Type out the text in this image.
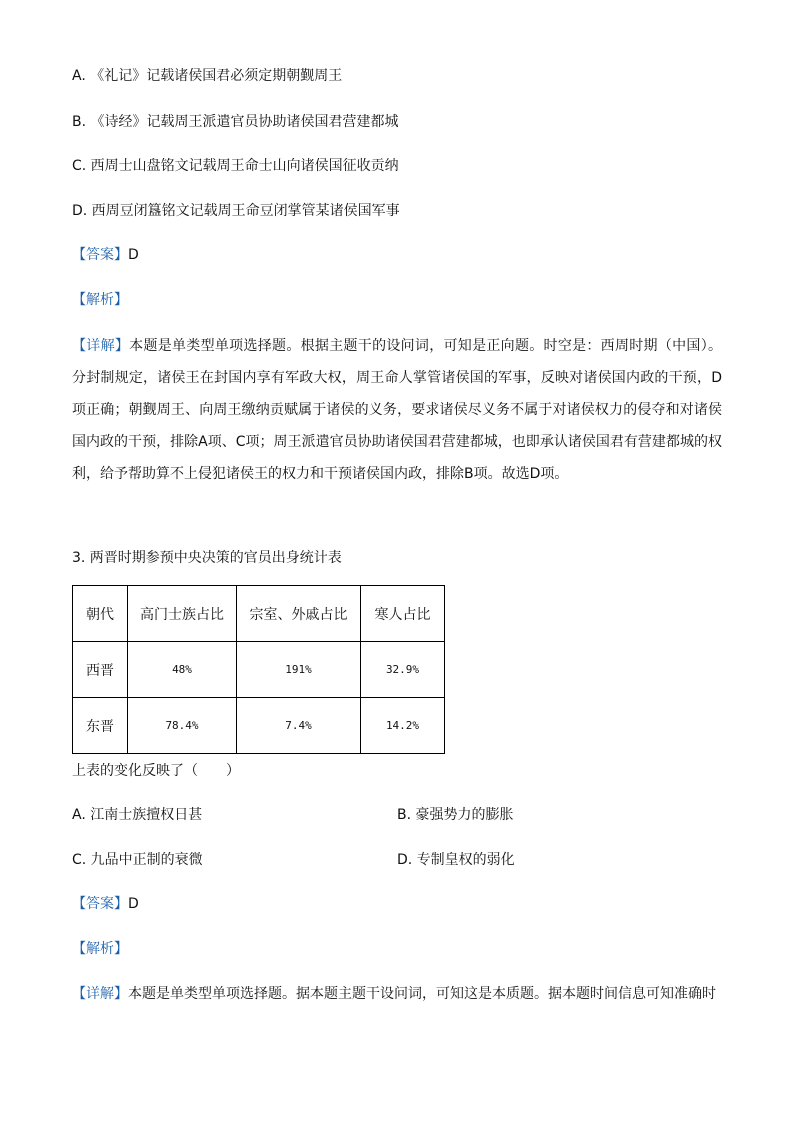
A. 《礼记》记载诸侯国君必须定期朝觐周王
B. 《诗经》记载周王派遣官员协助诸侯国君营建都城
C. 西周士山盘铭文记载周王命士山向诸侯国征收贡纳
D. 西周豆闭簋铭文记载周王命豆闭掌管某诸侯国军事
【答案】D
【解析】

【详解】本题是单类型单项选择题。根据主题干的设问词，可知是正向题。时空是：西周时期（中国）。分封制规定，诸侯王在封国内享有军政大权，周王命人掌管诸侯国的军事，反映对诸侯国内政的干预，D项正确；朝觐周王、向周王缴纳贡赋属于诸侯的义务，要求诸侯尽义务不属于对诸侯权力的侵夺和对诸侯国内政的干预，排除A项、C项；周王派遣官员协助诸侯国君营建都城，也即承认诸侯国君有营建都城的权利，给予帮助算不上侵犯诸侯王的权力和干预诸侯国内政，排除B项。故选D项。

3. 两晋时期参预中央决策的官员出身统计表
朝代	高门士族占比	宗室、外戚占比	寒人占比
西晋	48%	191%	32.9%
东晋	78.4%	7.4%	14.2%
上表的变化反映了（　　）
A. 江南士族擅权日甚	B. 豪强势力的膨胀
C. 九品中正制的衰微	D. 专制皇权的弱化
【答案】D
【解析】
【详解】本题是单类型单项选择题。据本题主题干设问词，可知这是本质题。据本题时间信息可知准确时
